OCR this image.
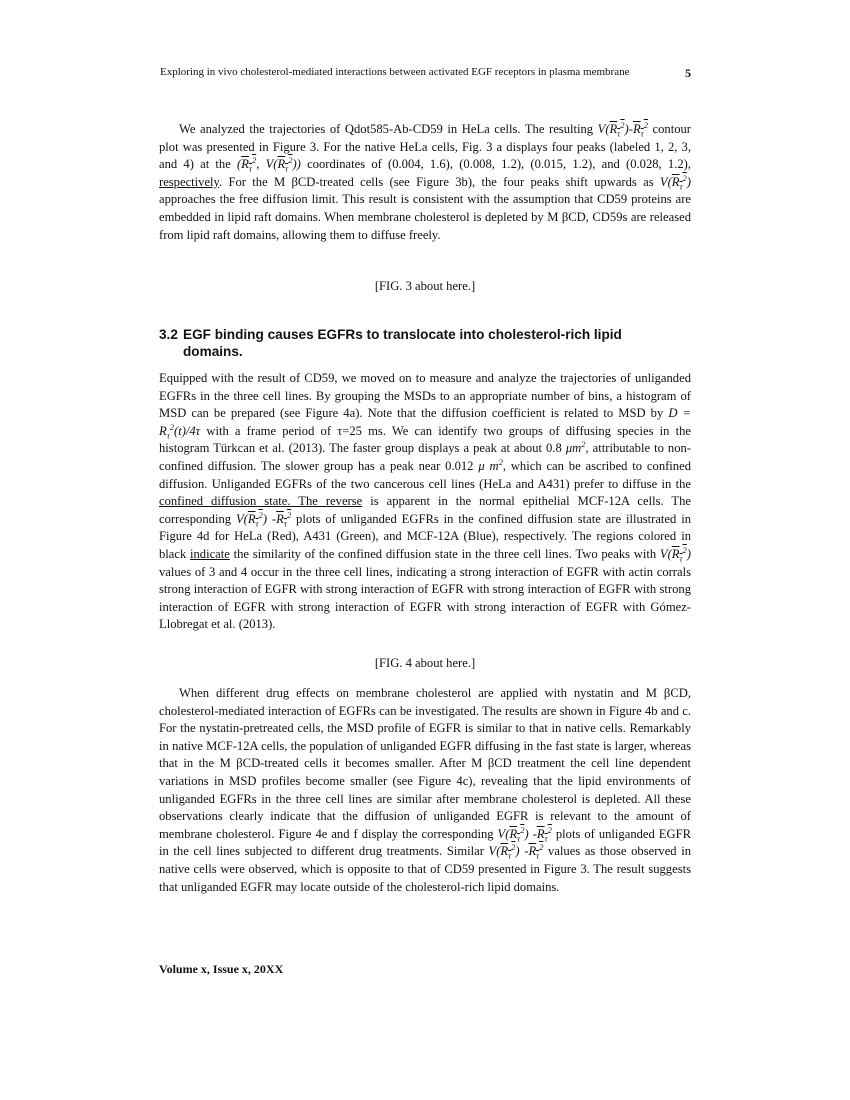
Exploring in vivo cholesterol-mediated interactions between activated EGF receptors in plasma membrane	5

We analyzed the trajectories of Qdot585-Ab-CD59 in HeLa cells. The resulting $V(R_\tau^2)-R_\tau^2$ contour plot was presented in Figure 3. For the native HeLa cells, Fig. 3 a displays four peaks (labeled 1, 2, 3, and 4) at the ($R_\tau^2$, $V(R_\tau^2)$) coordinates of (0.004, 1.6), (0.008, 1.2), (0.015, 1.2), and (0.028, 1.2), respectively. For the M βCD-treated cells (see Figure 3b), the four peaks shift upwards as $V(R_\tau^2)$ approaches the free diffusion limit. This result is consistent with the assumption that CD59 proteins are embedded in lipid raft domains. When membrane cholesterol is depleted by M βCD, CD59s are released from lipid raft domains, allowing them to diffuse freely.

[FIG. 3 about here.]
3.2 EGF binding causes EGFRs to translocate into cholesterol-rich lipid
domains.

Equipped with the result of CD59, we moved on to measure and analyze the trajectories of unliganded EGFRs in the three cell lines. By grouping the MSDs to an appropriate number of bins, a histogram of MSD can be prepared (see Figure 4a). Note that the diffusion coefficient is related to MSD by $D = R_\tau^2(t)/4\tau$ with a frame period of τ=25 ms. We can identify two groups of diffusing species in the histogram Türkcan et al. (2013). The faster group displays a peak at about 0.8 $\mu m^2$, attributable to non-confined diffusion. The slower group has a peak near 0.012 μ $m^2$, which can be ascribed to confined diffusion. Unliganded EGFRs of the two cancerous cell lines (HeLa and A431) prefer to diffuse in the confined diffusion state. The reverse is apparent in the normal epithelial MCF-12A cells. The corresponding $V(R_\tau^2)$ $-R_\tau^2$ plots of unliganded EGFRs in the confined diffusion state are illustrated in Figure 4d for HeLa (Red), A431 (Green), and MCF-12A (Blue), respectively. The regions colored in black indicate the similarity of the confined diffusion state in the three cell lines. Two peaks with $V(R_\tau^2)$ values of 3 and 4 occur in the three cell lines, indicating a strong interaction of EGFR with actin corrals strong interaction of EGFR with strong interaction of EGFR with strong interaction of EGFR with strong interaction of EGFR with strong interaction of EGFR with strong interaction of EGFR with Gómez-Llobregat et al. (2013).

[FIG. 4 about here.]

When different drug effects on membrane cholesterol are applied with nystatin and M βCD, cholesterol-mediated interaction of EGFRs can be investigated. The results are shown in Figure 4b and c. For the nystatin-pretreated cells, the MSD profile of EGFR is similar to that in native cells. Remarkably in native MCF-12A cells, the population of unliganded EGFR diffusing in the fast state is larger, whereas that in the M βCD-treated cells it becomes smaller. After M βCD treatment the cell line dependent variations in MSD profiles become smaller (see Figure 4c), revealing that the lipid environments of unliganded EGFRs in the three cell lines are similar after membrane cholesterol is depleted. All these observations clearly indicate that the diffusion of unliganded EGFR is relevant to the amount of membrane cholesterol. Figure 4e and f display the corresponding $V(R_\tau^2)$ $-R_\tau^2$ plots of unliganded EGFR in the cell lines subjected to different drug treatments. Similar $V(R_\tau^2)$ $-R_\tau^2$ values as those observed in native cells were observed, which is opposite to that of CD59 presented in Figure 3. The result suggests that unliganded EGFR may locate outside of the cholesterol-rich lipid domains.

Volume x, Issue x, 20XX
